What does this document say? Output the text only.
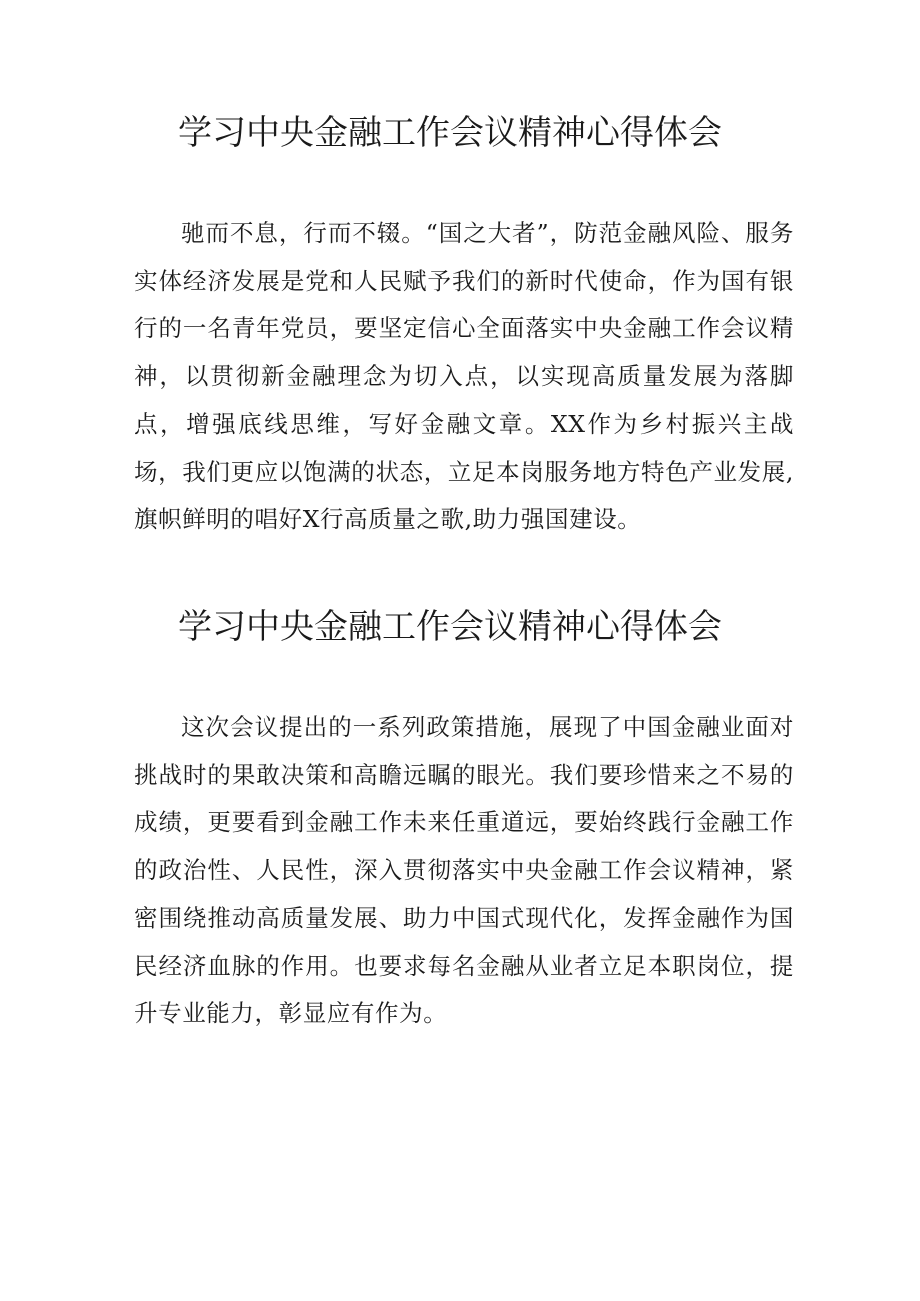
学习中央金融工作会议精神心得体会

驰而不息，行而不辍。“国之大者”，防范金融风险、服务实体经济发展是党和人民赋予我们的新时代使命，作为国有银行的一名青年党员，要坚定信心全面落实中央金融工作会议精神，以贯彻新金融理念为切入点，以实现高质量发展为落脚点，增强底线思维，写好金融文章。XX作为乡村振兴主战场，我们更应以饱满的状态，立足本岗服务地方特色产业发展,旗帜鲜明的唱好X行高质量之歌,助力强国建设。

学习中央金融工作会议精神心得体会

这次会议提出的一系列政策措施，展现了中国金融业面对挑战时的果敢决策和高瞻远瞩的眼光。我们要珍惜来之不易的成绩，更要看到金融工作未来任重道远，要始终践行金融工作的政治性、人民性，深入贯彻落实中央金融工作会议精神，紧密围绕推动高质量发展、助力中国式现代化，发挥金融作为国民经济血脉的作用。也要求每名金融从业者立足本职岗位，提升专业能力，彰显应有作为。
